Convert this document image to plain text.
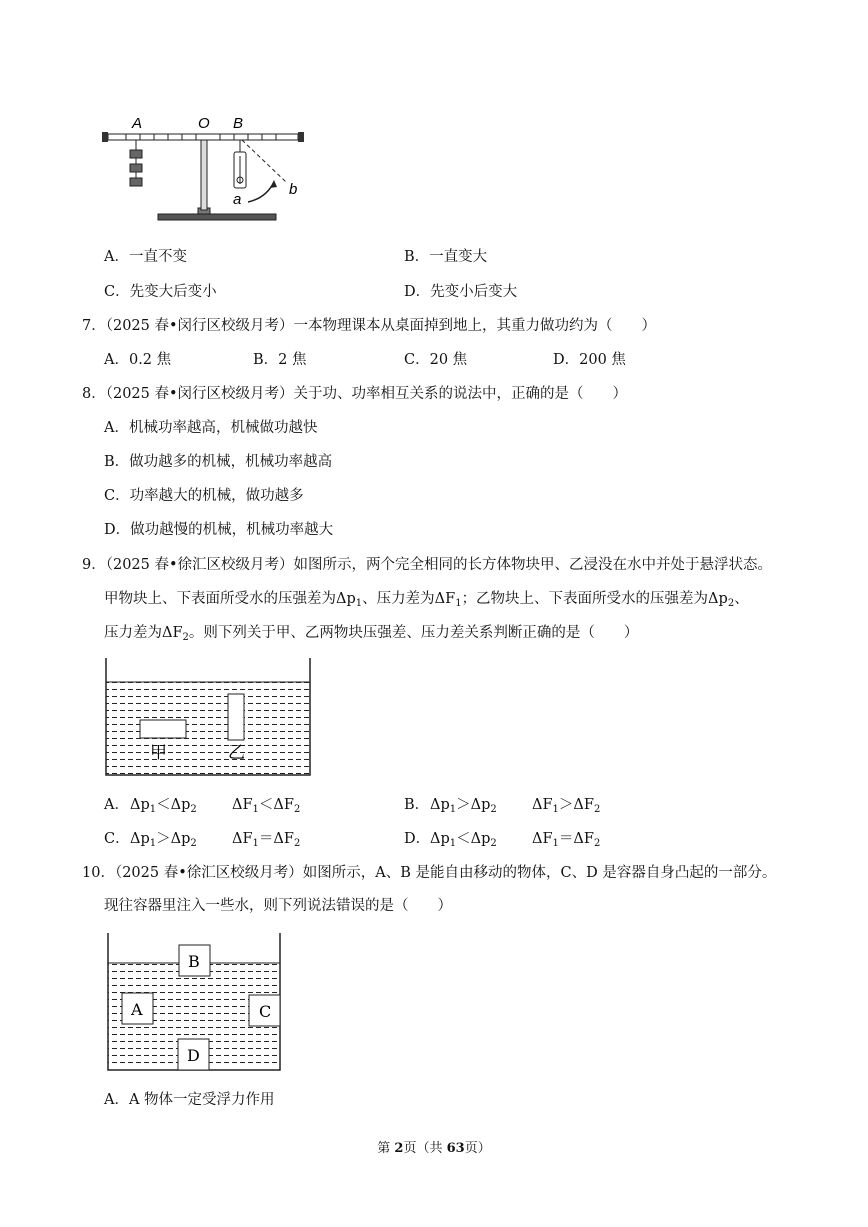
A	O B
a
b
A．一直不变	B．一直变大
C．先变大后变小	D．先变小后变大
7．（2025 春•闵行区校级月考）一本物理课本从桌面掉到地上，其重力做功约为（　　）
A．0.2 焦	B．2 焦	C．20 焦	D．200 焦
8．（2025 春•闵行区校级月考）关于功、功率相互关系的说法中，正确的是（　　）
A．机械功率越高，机械做功越快
B．做功越多的机械，机械功率越高
C．功率越大的机械，做功越多
D．做功越慢的机械，机械功率越大
9．（2025 春•徐汇区校级月考）如图所示，两个完全相同的长方体物块甲、乙浸没在水中并处于悬浮状态。
甲物块上、下表面所受水的压强差为$\Delta p_1$、压力差为$\Delta F_1$；乙物块上、下表面所受水的压强差为$\Delta p_2$、
压力差为$\Delta F_2$。则下列关于甲、乙两物块压强差、压力差关系判断正确的是（　　）
甲	乙
A． $\Delta p_1<\Delta p_2$ $\Delta F_1<\Delta F_2$	B． $\Delta p_1>\Delta p_2$ $\Delta F_1>\Delta F_2$
C． $\Delta p_1>\Delta p_2$ $\Delta F_1=\Delta F_2$	D． $\Delta p_1<\Delta p_2$ $\Delta F_1=\Delta F_2$
10．（2025 春•徐汇区校级月考）如图所示，A、B 是能自由移动的物体，C、D 是容器自身凸起的一部分。
现往容器里注入一些水，则下列说法错误的是（　　）
B
A	C
D
A．A 物体一定受浮力作用
第 2页（共 63页）
